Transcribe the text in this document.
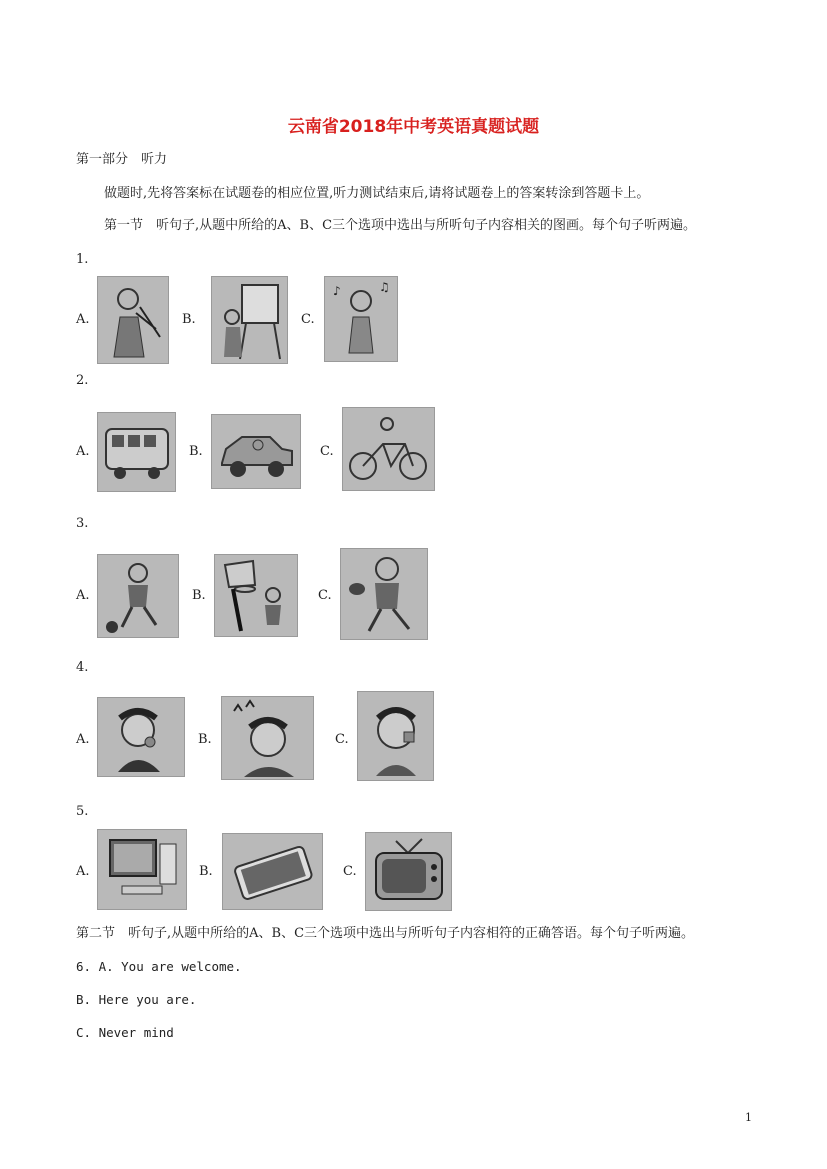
云南省2018年中考英语真题试题
第一部分　听力
做题时,先将答案标在试题卷的相应位置,听力测试结束后,请将试题卷上的答案转涂到答题卡上。
第一节　听句子,从题中所给的A、B、C三个选项中选出与所听句子内容相关的图画。每个句子听两遍。
1.
A.	B.	C.
♪	♫
2.
A.	B.	C.
3.
A.	B.	C.
4.
A.	B.	C.
5.
A.	B.	C.
第二节　听句子,从题中所给的A、B、C三个选项中选出与所听句子内容相符的正确答语。每个句子听两遍。
6. A. You are welcome.
B. Here you are.
C. Never mind
1
